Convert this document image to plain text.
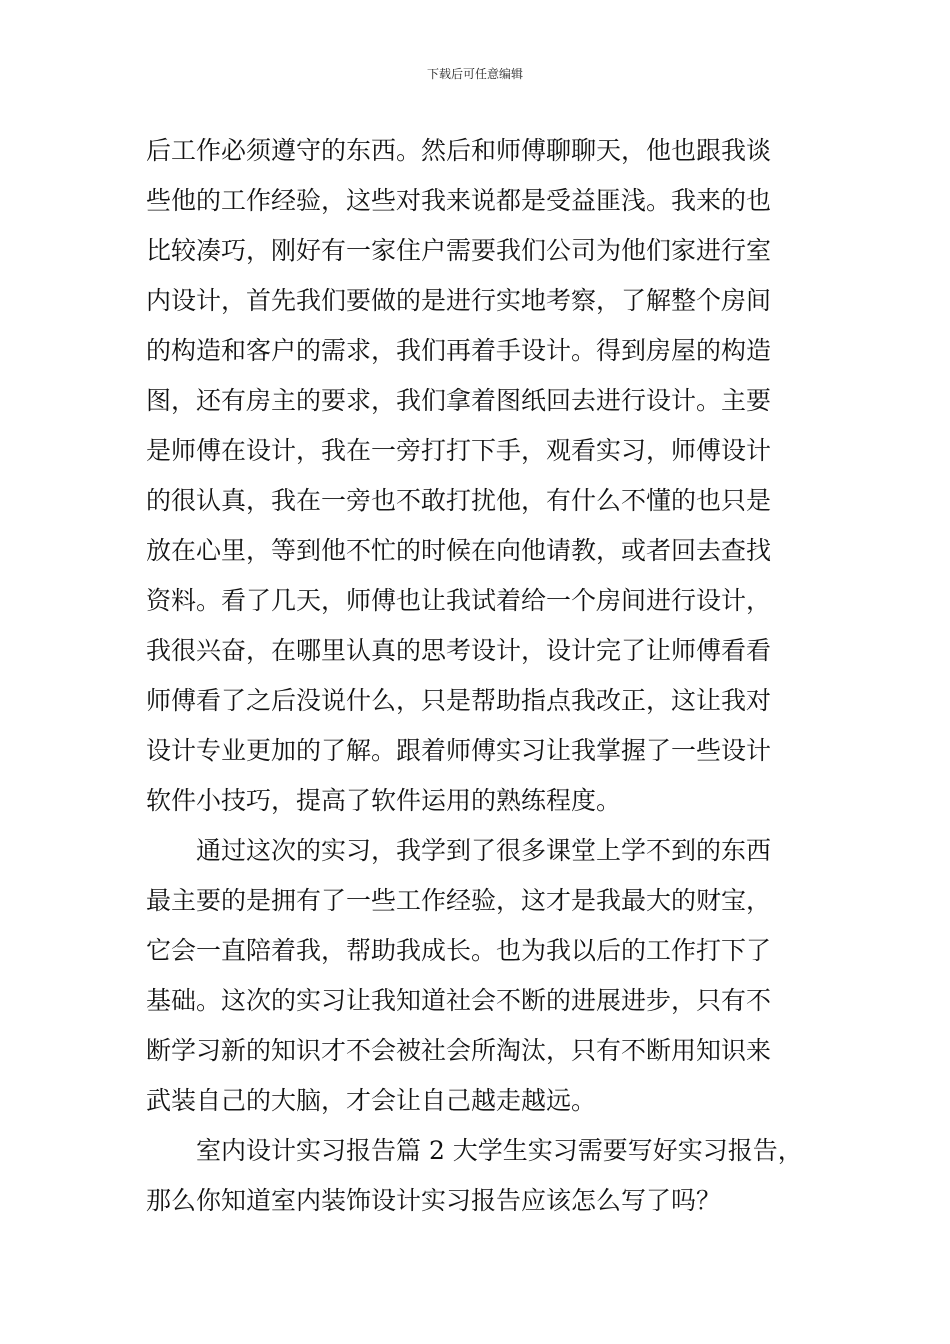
下载后可任意编辑
后工作必须遵守的东西。然后和师傅聊聊天，他也跟我谈
些他的工作经验，这些对我来说都是受益匪浅。我来的也
比较凑巧，刚好有一家住户需要我们公司为他们家进行室
内设计，首先我们要做的是进行实地考察，了解整个房间
的构造和客户的需求，我们再着手设计。得到房屋的构造
图，还有房主的要求，我们拿着图纸回去进行设计。主要
是师傅在设计，我在一旁打打下手，观看实习，师傅设计
的很认真，我在一旁也不敢打扰他，有什么不懂的也只是
放在心里，等到他不忙的时候在向他请教，或者回去查找
资料。看了几天，师傅也让我试着给一个房间进行设计，
我很兴奋，在哪里认真的思考设计，设计完了让师傅看看
师傅看了之后没说什么，只是帮助指点我改正，这让我对
设计专业更加的了解。跟着师傅实习让我掌握了一些设计
软件小技巧，提高了软件运用的熟练程度。
通过这次的实习，我学到了很多课堂上学不到的东西
最主要的是拥有了一些工作经验，这才是我最大的财宝，
它会一直陪着我，帮助我成长。也为我以后的工作打下了
基础。这次的实习让我知道社会不断的进展进步，只有不
断学习新的知识才不会被社会所淘汰，只有不断用知识来
武装自己的大脑，才会让自己越走越远。
室内设计实习报告篇 2 大学生实习需要写好实习报告，
那么你知道室内装饰设计实习报告应该怎么写了吗？
